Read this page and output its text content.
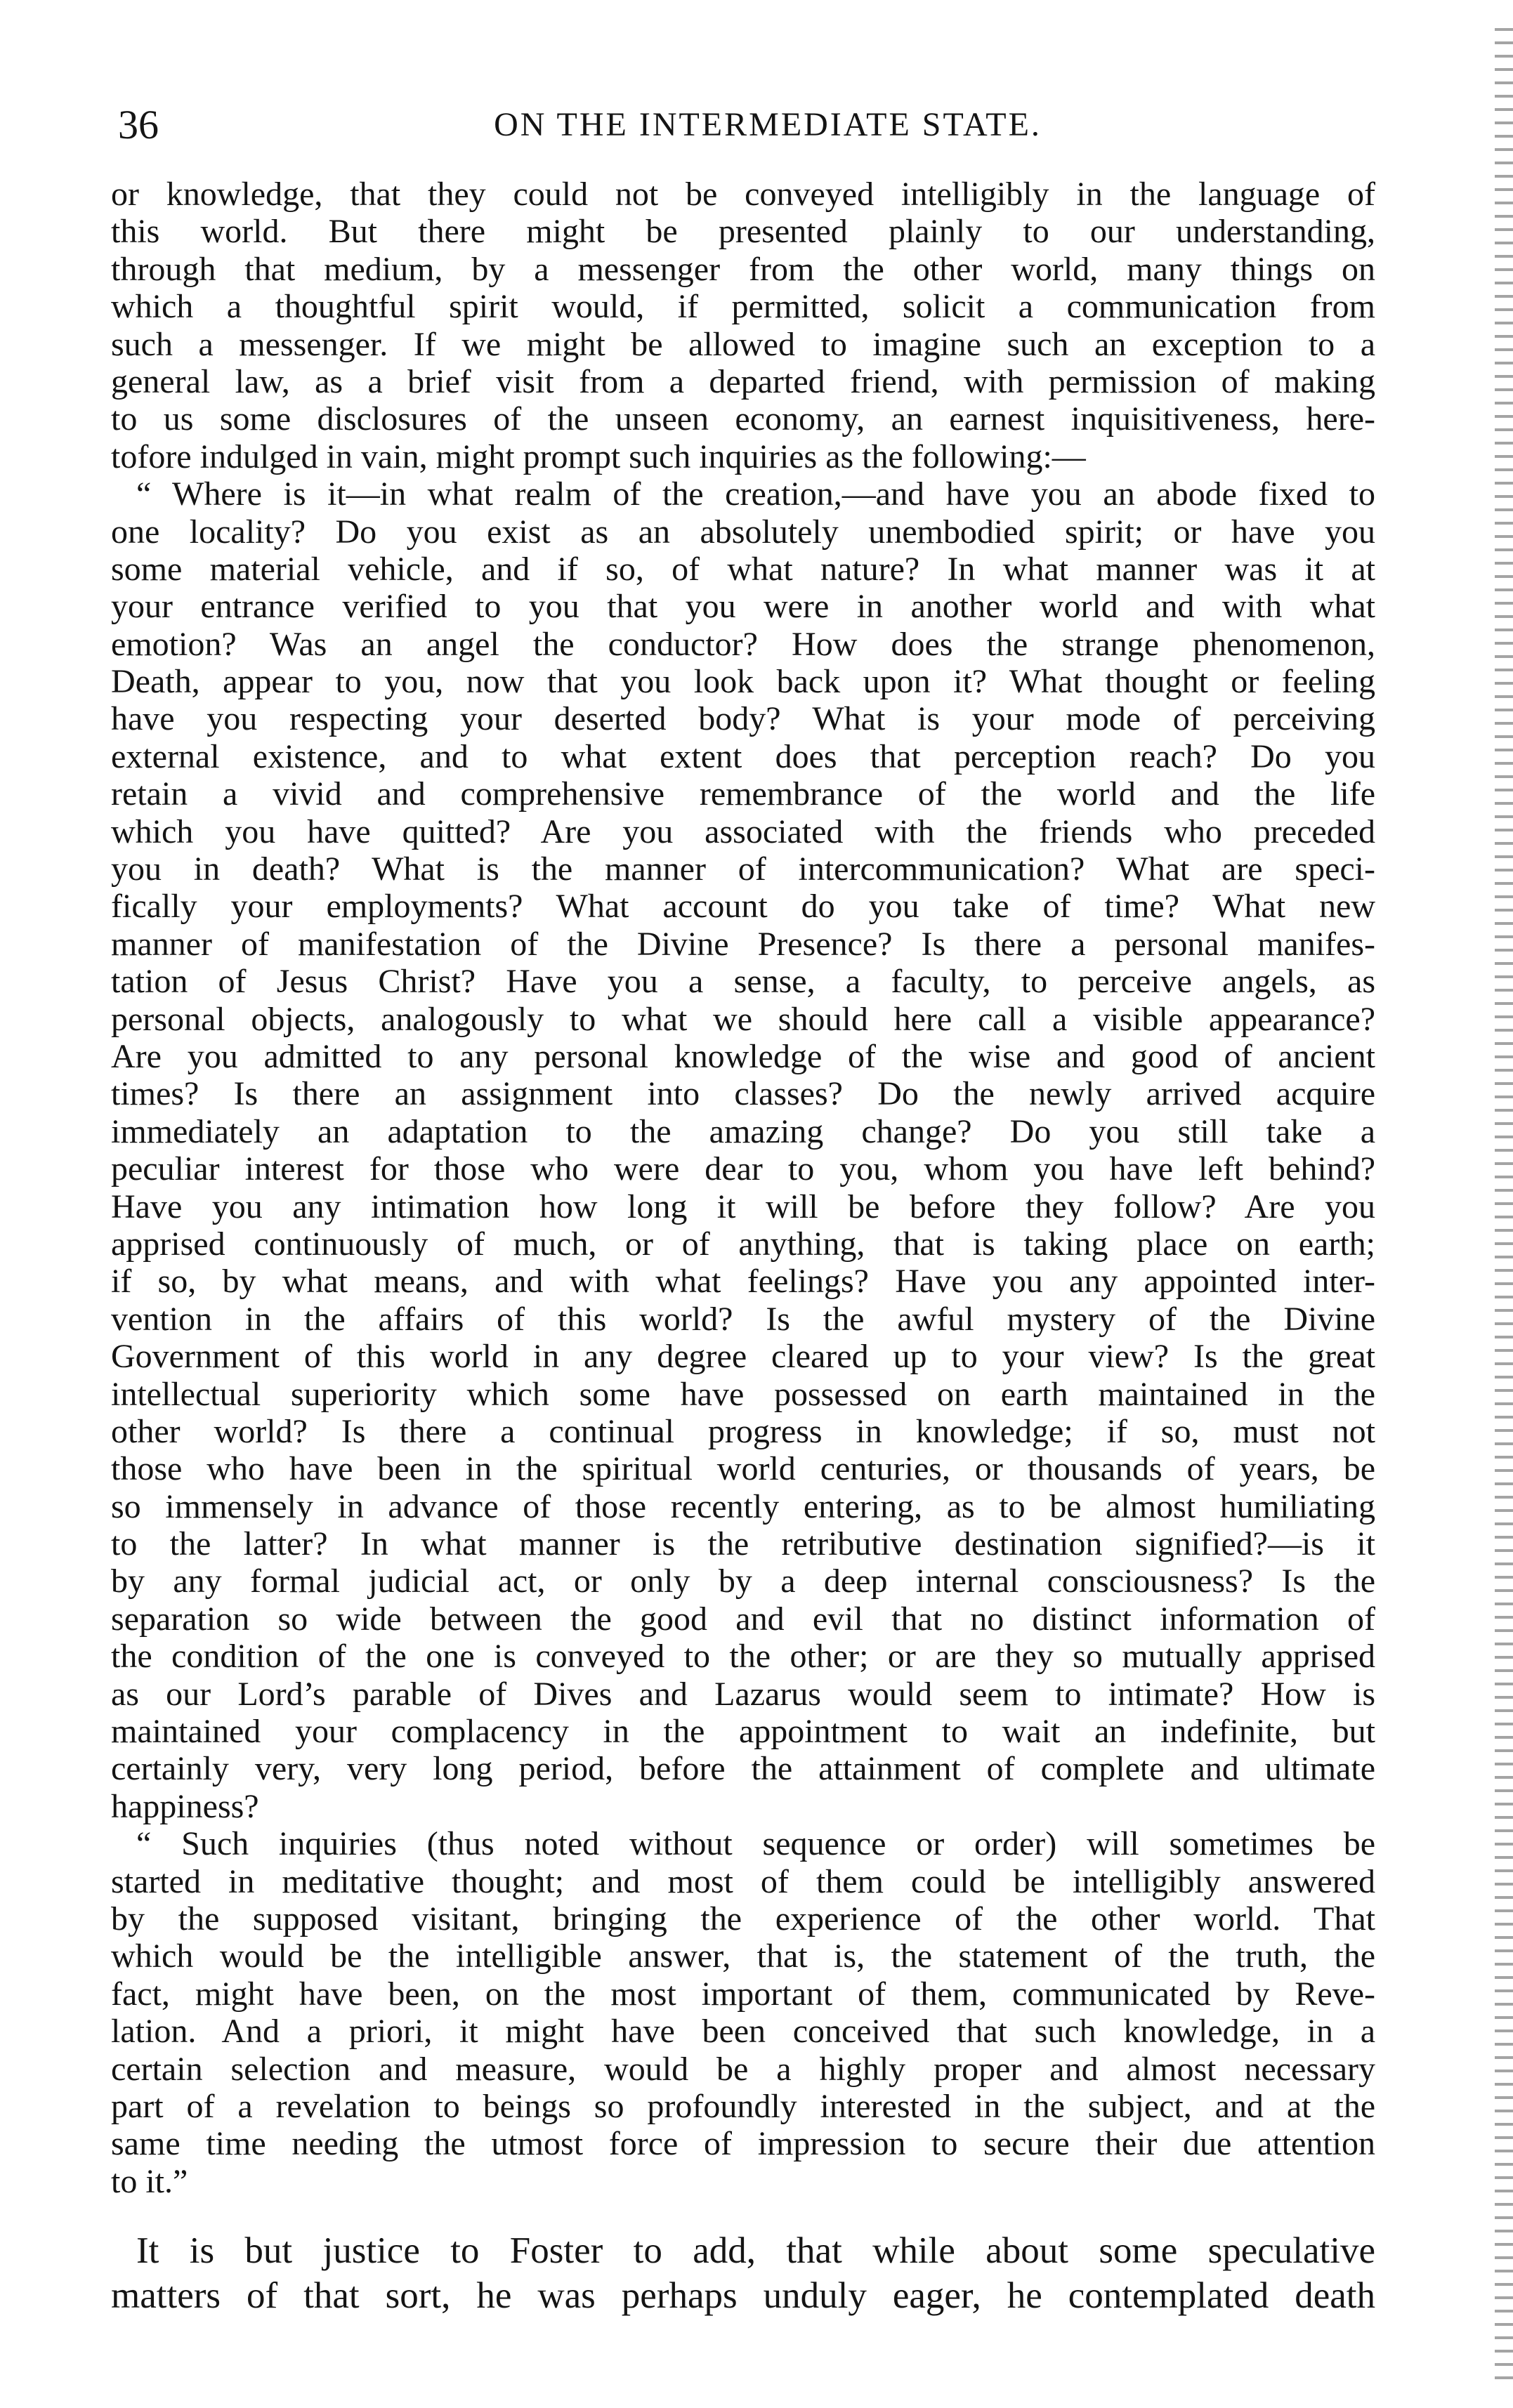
36	ON THE INTERMEDIATE STATE.
or knowledge, that they could not be conveyed intelligibly in the language of
this world. But there might be presented plainly to our understanding,
through that medium, by a messenger from the other world, many things on
which a thoughtful spirit would, if permitted, solicit a communication from
such a messenger. If we might be allowed to imagine such an exception to a
general law, as a brief visit from a departed friend, with permission of making
to us some disclosures of the unseen economy, an earnest inquisitiveness, here-
tofore indulged in vain, might prompt such inquiries as the following:—
“ Where is it—in what realm of the creation,—and have you an abode fixed to
one locality? Do you exist as an absolutely unembodied spirit; or have you
some material vehicle, and if so, of what nature? In what manner was it at
your entrance verified to you that you were in another world and with what
emotion? Was an angel the conductor? How does the strange phenomenon,
Death, appear to you, now that you look back upon it? What thought or feeling
have you respecting your deserted body? What is your mode of perceiving
external existence, and to what extent does that perception reach? Do you
retain a vivid and comprehensive remembrance of the world and the life
which you have quitted? Are you associated with the friends who preceded
you in death? What is the manner of intercommunication? What are speci-
fically your employments? What account do you take of time? What new
manner of manifestation of the Divine Presence? Is there a personal manifes-
tation of Jesus Christ? Have you a sense, a faculty, to perceive angels, as
personal objects, analogously to what we should here call a visible appearance?
Are you admitted to any personal knowledge of the wise and good of ancient
times? Is there an assignment into classes? Do the newly arrived acquire
immediately an adaptation to the amazing change? Do you still take a
peculiar interest for those who were dear to you, whom you have left behind?
Have you any intimation how long it will be before they follow? Are you
apprised continuously of much, or of anything, that is taking place on earth;
if so, by what means, and with what feelings? Have you any appointed inter-
vention in the affairs of this world? Is the awful mystery of the Divine
Government of this world in any degree cleared up to your view? Is the great
intellectual superiority which some have possessed on earth maintained in the
other world? Is there a continual progress in knowledge; if so, must not
those who have been in the spiritual world centuries, or thousands of years, be
so immensely in advance of those recently entering, as to be almost humiliating
to the latter? In what manner is the retributive destination signified?—is it
by any formal judicial act, or only by a deep internal consciousness? Is the
separation so wide between the good and evil that no distinct information of
the condition of the one is conveyed to the other; or are they so mutually apprised
as our Lord’s parable of Dives and Lazarus would seem to intimate? How is
maintained your complacency in the appointment to wait an indefinite, but
certainly very, very long period, before the attainment of complete and ultimate
happiness?
“ Such inquiries (thus noted without sequence or order) will sometimes be
started in meditative thought; and most of them could be intelligibly answered
by the supposed visitant, bringing the experience of the other world. That
which would be the intelligible answer, that is, the statement of the truth, the
fact, might have been, on the most important of them, communicated by Reve-
lation. And a priori, it might have been conceived that such knowledge, in a
certain selection and measure, would be a highly proper and almost necessary
part of a revelation to beings so profoundly interested in the subject, and at the
same time needing the utmost force of impression to secure their due attention
to it.”
It is but justice to Foster to add, that while about some speculative
matters of that sort, he was perhaps unduly eager, he contemplated death
